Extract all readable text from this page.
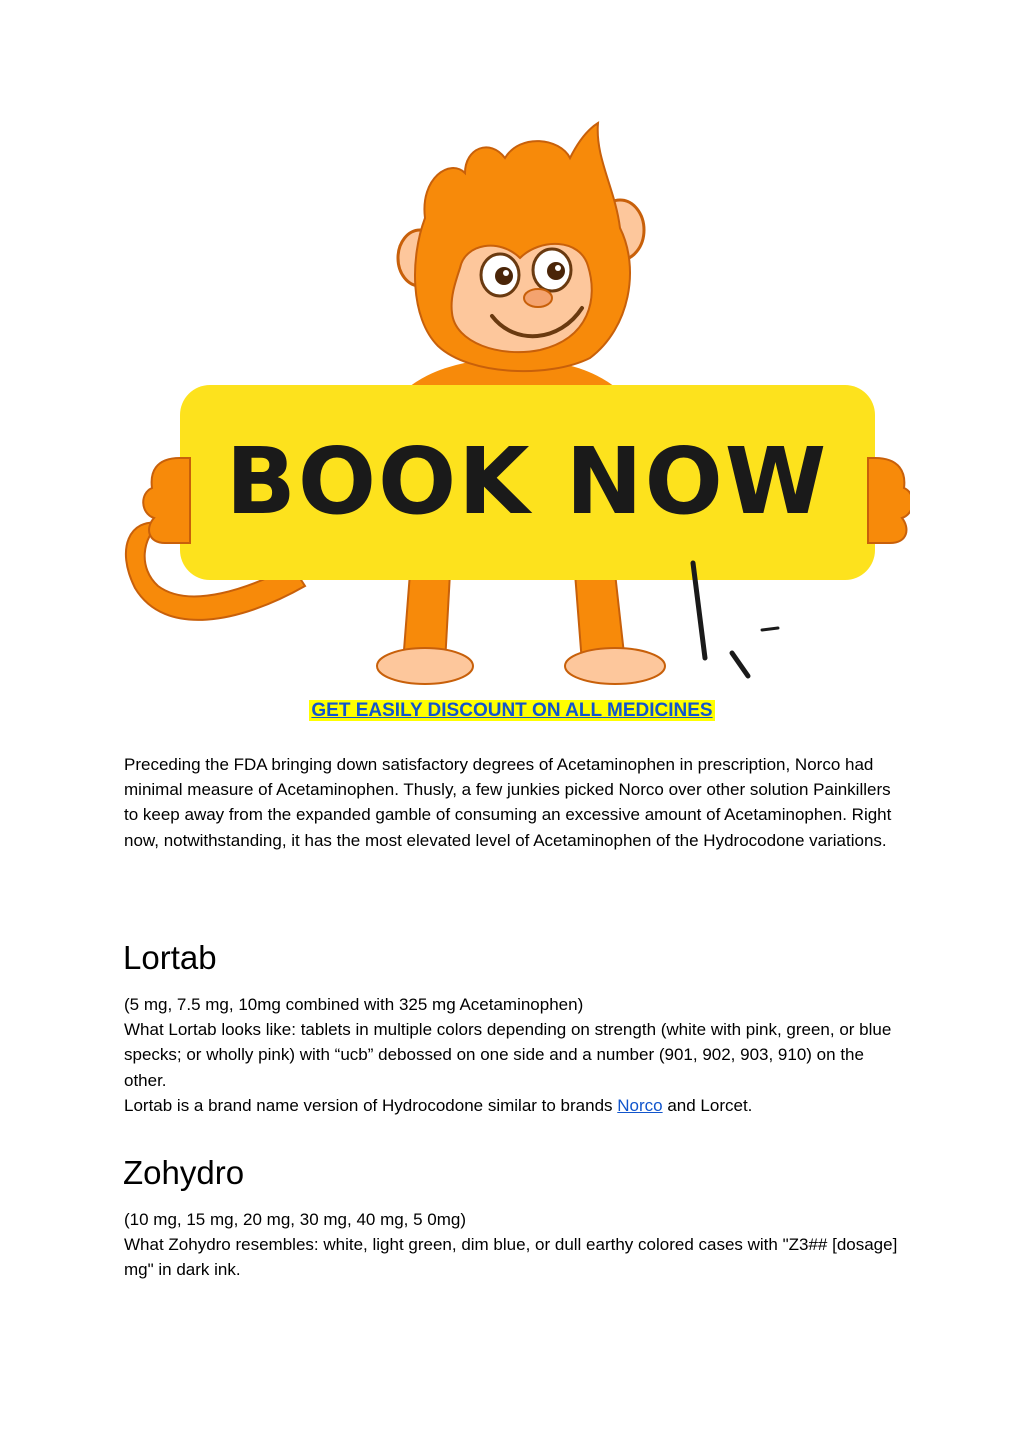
BOOK NOW
GET EASILY DISCOUNT ON ALL MEDICINES

Preceding the FDA bringing down satisfactory degrees of Acetaminophen in prescription, Norco had minimal measure of Acetaminophen. Thusly, a few junkies picked Norco over other solution Painkillers to keep away from the expanded gamble of consuming an excessive amount of Acetaminophen. Right now, notwithstanding, it has the most elevated level of Acetaminophen of the Hydrocodone variations.

Lortab

(5 mg, 7.5 mg, 10mg combined with 325 mg Acetaminophen)

What Lortab looks like: tablets in multiple colors depending on strength (white with pink, green, or blue specks; or wholly pink) with “ucb” debossed on one side and a number (901, 902, 903, 910) on the other.

Lortab is a brand name version of Hydrocodone similar to brands Norco and Lorcet.

Zohydro

(10 mg, 15 mg, 20 mg, 30 mg, 40 mg, 5 0mg)

What Zohydro resembles: white, light green, dim blue, or dull earthy colored cases with "Z3## [dosage] mg" in dark ink.
